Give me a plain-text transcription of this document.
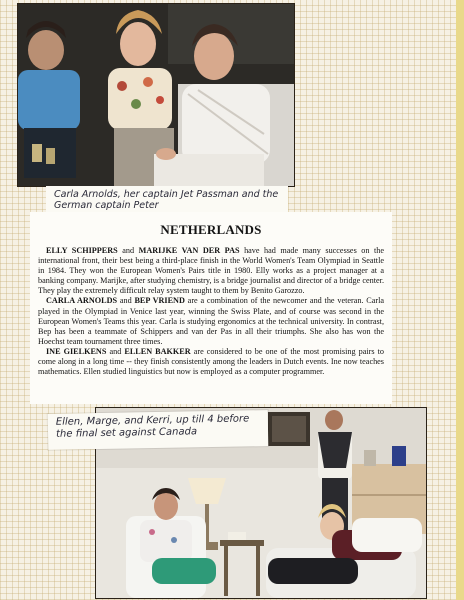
Carla Arnolds, her captain Jet Passman and the German captain Peter
NETHERLANDS

ELLY SCHIPPERS and MARIJKE VAN DER PAS have had made many successes on the international front, their best being a third-place finish in the World Women's Team Olympiad in Seattle in 1984. They won the European Women's Pairs title in 1980. Elly works as a project manager at a banking company. Marijke, after studying chemistry, is a bridge journalist and director of a bridge center. They play the extremely difficult relay system taught to them by Benito Garozzo.

CARLA ARNOLDS and BEP VRIEND are a combination of the newcomer and the veteran. Carla played in the Olympiad in Venice last year, winning the Swiss Plate, and of course was second in the European Women's Teams this year. Carla is studying ergonomics at the technical university. In contrast, Bep has been a teammate of Schippers and van der Pas in all their triumphs. She also has won the Hoechst team tournament three times.

INE GIELKENS and ELLEN BAKKER are considered to be one of the most promising pairs to come along in a long time -- they finish consistently among the leaders in Dutch events. Ine now teaches mathematics. Ellen studied linguistics but now is employed as a computer programmer.

Ellen, Marge, and Kerri, up till 4 before the final set against Canada
